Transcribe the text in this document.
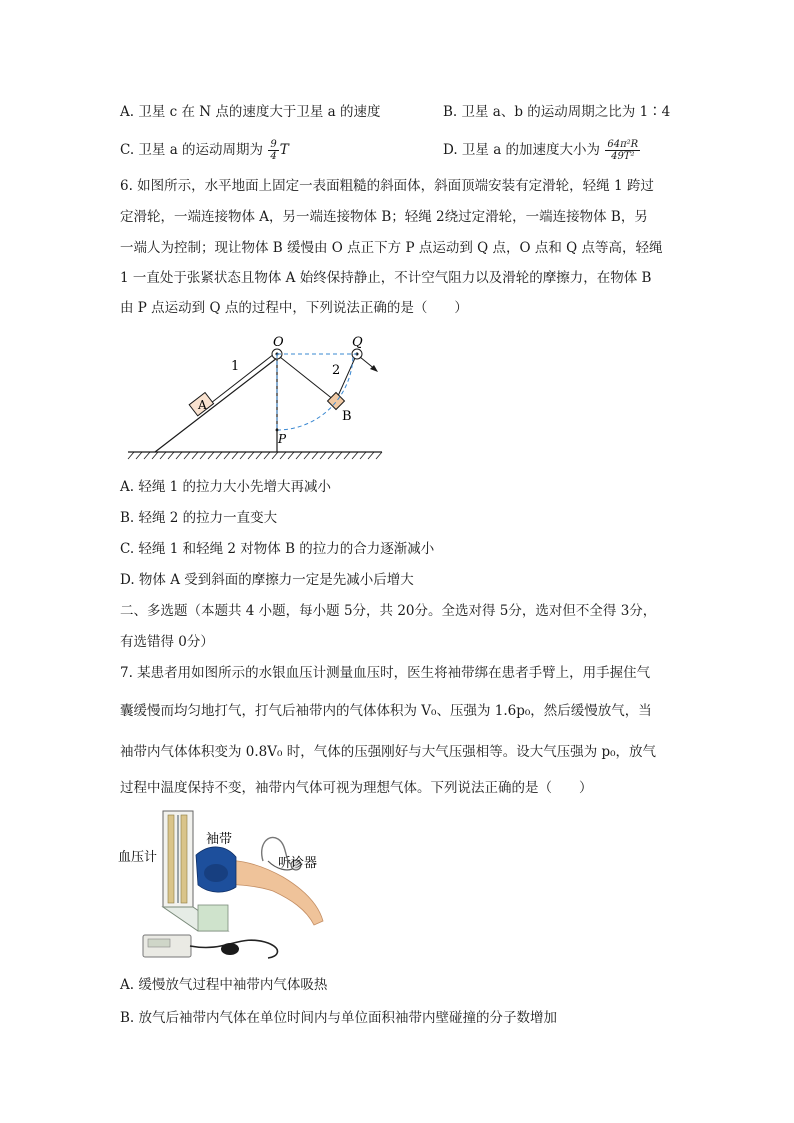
A. 卫星 c 在 N 点的速度大于卫星 a 的速度	B. 卫星 a、b 的运动周期之比为 1∶4
C. 卫星 a 的运动周期为 $\frac{9}{4}$ T	D. 卫星 a 的加速度大小为 $\frac{\text{64π²R}}{\text{49T²}}$
6. 如图所示，水平地面上固定一表面粗糙的斜面体，斜面顶端安装有定滑轮，轻绳 1 跨过
定滑轮，一端连接物体 A，另一端连接物体 B；轻绳 2绕过定滑轮，一端连接物体 B，另
一端人为控制；现让物体 B 缓慢由 O 点正下方 P 点运动到 Q 点，O 点和 Q 点等高，轻绳
1 一直处于张紧状态且物体 A 始终保持静止，不计空气阻力以及滑轮的摩擦力，在物体 B
由 P 点运动到 Q 点的过程中，下列说法正确的是（　　）
O	Q
1	2
A
B
P
A. 轻绳 1 的拉力大小先增大再减小
B. 轻绳 2 的拉力一直变大
C. 轻绳 1 和轻绳 2 对物体 B 的拉力的合力逐渐减小
D. 物体 A 受到斜面的摩擦力一定是先减小后增大
二、多选题（本题共 4 小题，每小题 5分，共 20分。全选对得 5分，选对但不全得 3分，
有选错得 0分）
7. 某患者用如图所示的水银血压计测量血压时，医生将袖带绑在患者手臂上，用手握住气
囊缓慢而均匀地打气，打气后袖带内的气体体积为 V₀、压强为 1.6p₀，然后缓慢放气，当
袖带内气体体积变为 0.8V₀ 时，气体的压强刚好与大气压强相等。设大气压强为 p₀，放气
过程中温度保持不变，袖带内气体可视为理想气体。下列说法正确的是（　　）
血压计
袖带
听诊器
A. 缓慢放气过程中袖带内气体吸热
B. 放气后袖带内气体在单位时间内与单位面积袖带内壁碰撞的分子数增加
